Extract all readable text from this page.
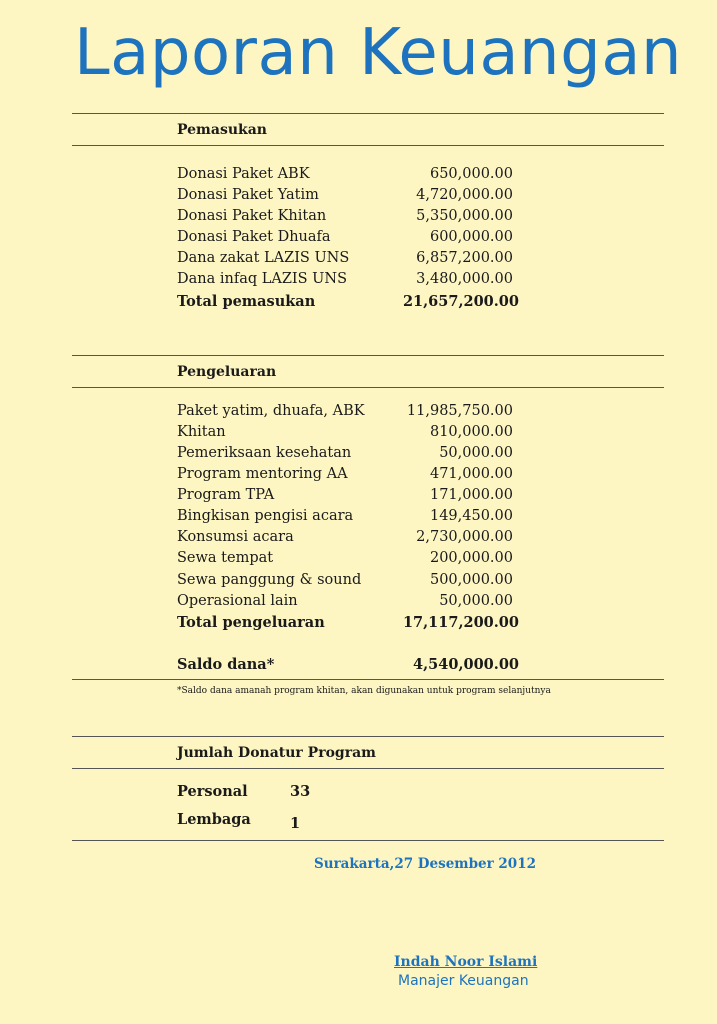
Laporan Keuangan
Pemasukan
Donasi Paket ABK	650,000.00
Donasi Paket Yatim	4,720,000.00
Donasi Paket Khitan	5,350,000.00
Donasi Paket Dhuafa	600,000.00
Dana zakat LAZIS UNS	6,857,200.00
Dana infaq LAZIS UNS	3,480,000.00
Total pemasukan	21,657,200.00
Pengeluaran
Paket yatim, dhuafa, ABK	11,985,750.00
Khitan	810,000.00
Pemeriksaan kesehatan	50,000.00
Program mentoring AA	471,000.00
Program TPA	171,000.00
Bingkisan pengisi acara	149,450.00
Konsumsi acara	2,730,000.00
Sewa tempat	200,000.00
Sewa panggung & sound	500,000.00
Operasional lain	50,000.00
Total pengeluaran	17,117,200.00
Saldo dana*	4,540,000.00
*Saldo dana amanah program khitan, akan digunakan untuk program selanjutnya
Jumlah Donatur Program
Personal	33
Lembaga	1
Surakarta,27 Desember 2012
Indah Noor Islami
Manajer Keuangan
